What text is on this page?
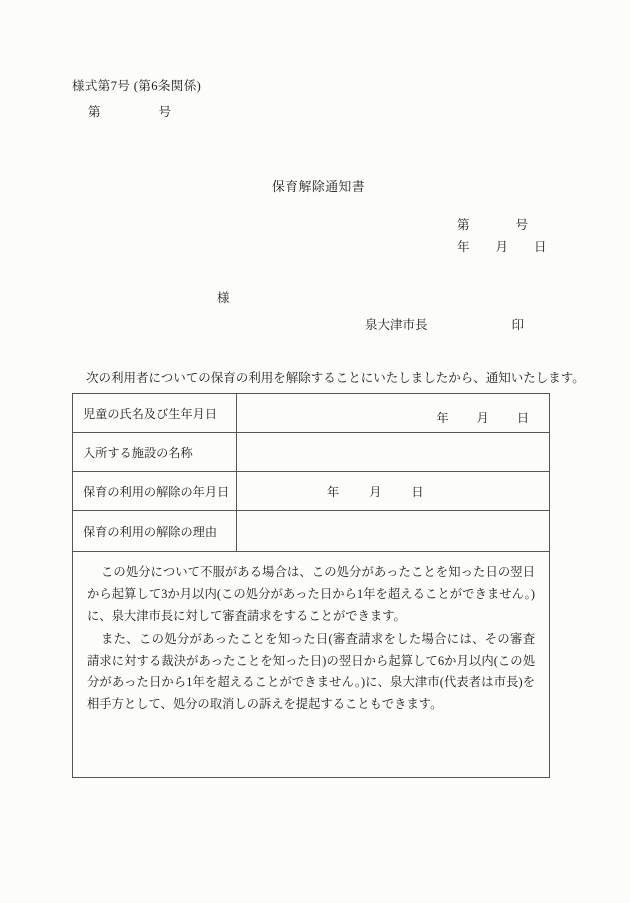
様式第7号 (第6条関係)
第	号
保育解除通知書
第	号
年 月 日
様
泉大津市長	印
次の利用者についての保育の利用を解除することにいたしましたから、通知いたします。
児童の氏名及び生年月日	年 月 日
入所する施設の名称
保育の利用の解除の年月日	年 月 日
保育の利用の解除の理由

この処分について不服がある場合は、この処分があったことを知った日の翌日から起算して3か月以内(この処分があった日から1年を超えることができません。)に、泉大津市長に対して審査請求をすることができます。

また、この処分があったことを知った日(審査請求をした場合には、その審査請求に対する裁決があったことを知った日)の翌日から起算して6か月以内(この処分があった日から1年を超えることができません。)に、泉大津市(代表者は市長)を相手方として、処分の取消しの訴えを提起することもできます。
